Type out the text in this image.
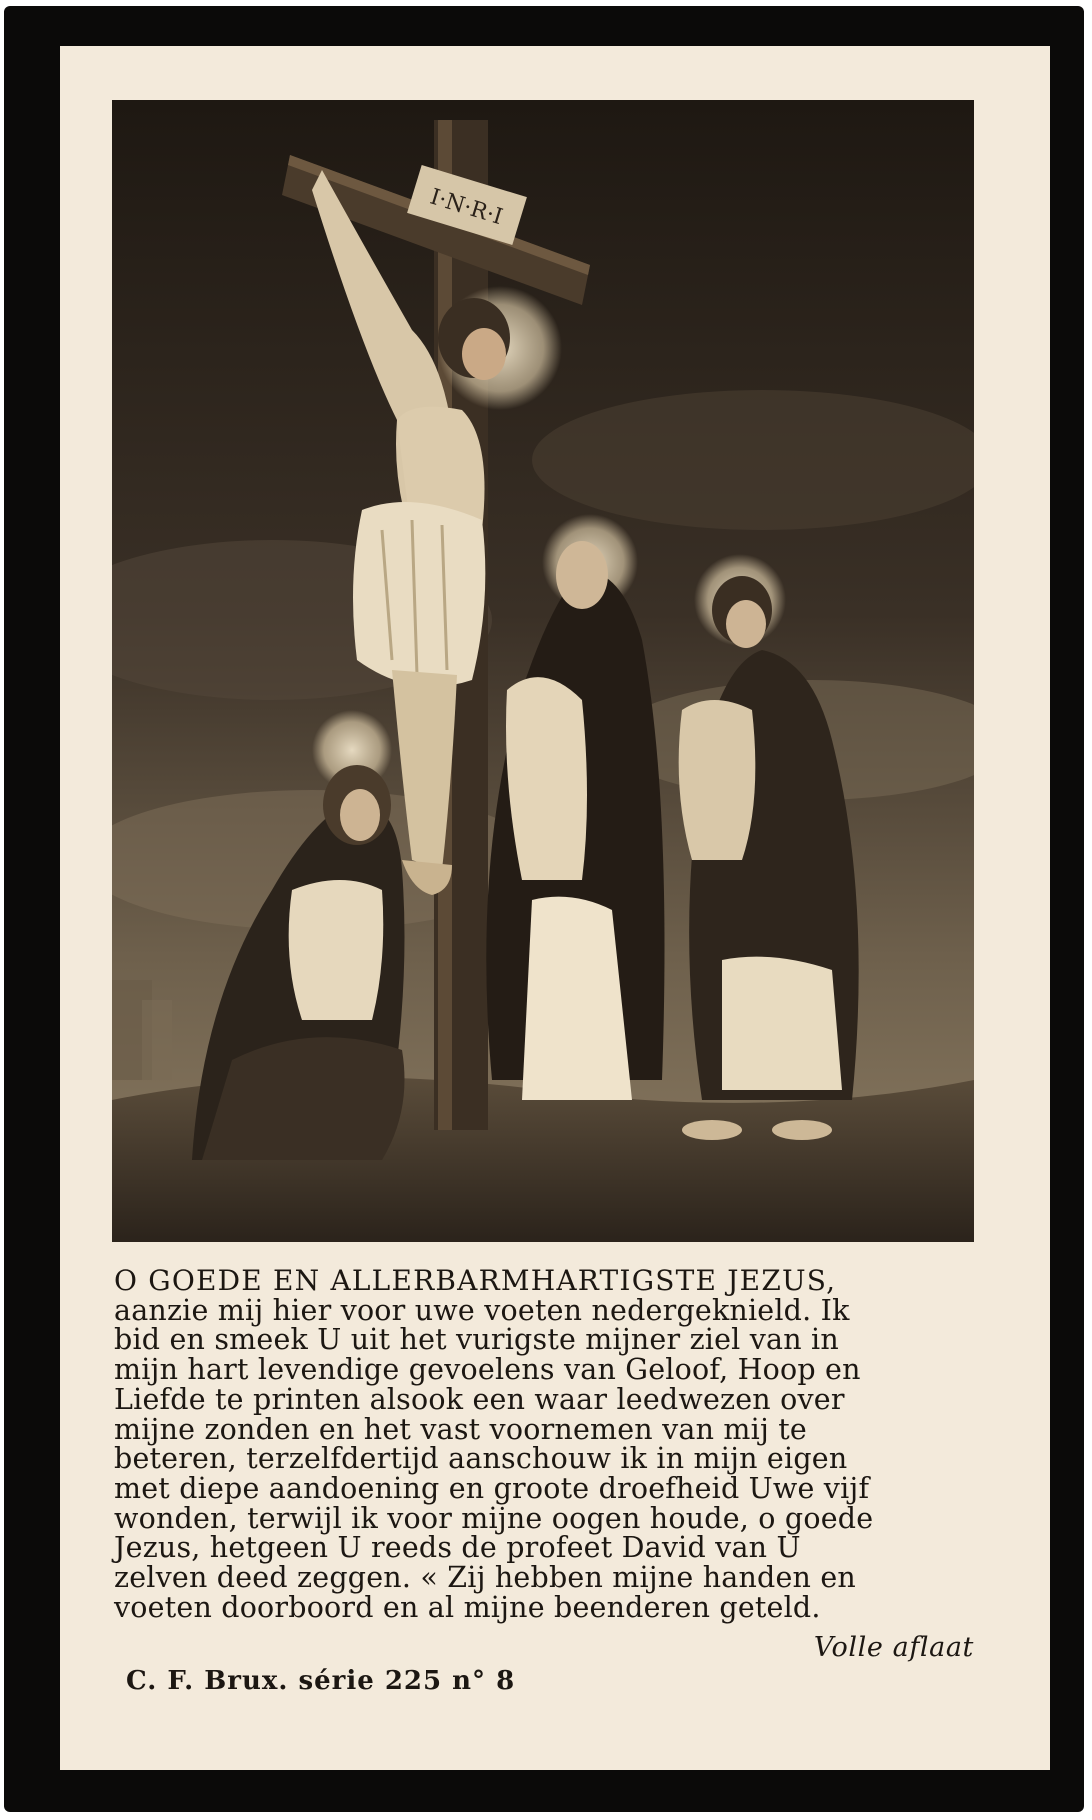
I·N·R·I
O GOEDE EN ALLERBARMHARTIGSTE JEZUS,
aanzie mij hier voor uwe voeten nedergeknield. Ik
bid en smeek U uit het vurigste mijner ziel van in
mijn hart levendige gevoelens van Geloof, Hoop en
Liefde te printen alsook een waar leedwezen over
mijne zonden en het vast voornemen van mij te
beteren, terzelfdertijd aanschouw ik in mijn eigen
met diepe aandoening en groote droefheid Uwe vijf
wonden, terwijl ik voor mijne oogen houde, o goede
Jezus, hetgeen U reeds de profeet David van U
zelven deed zeggen. « Zij hebben mijne handen en
voeten doorboord en al mijne beenderen geteld.
Volle aflaat
C. F. Brux. série 225 n° 8
